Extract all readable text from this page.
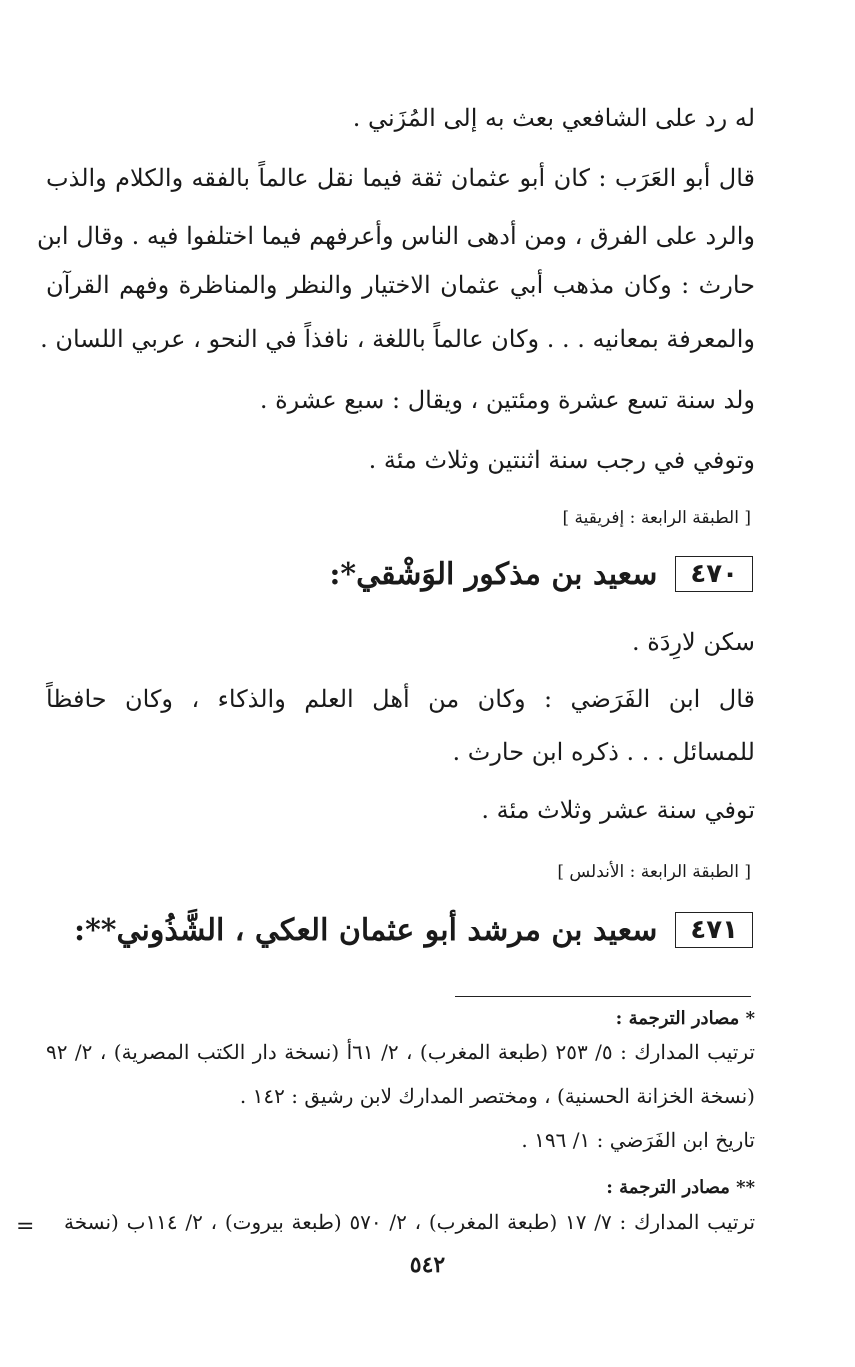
له رد على الشافعي بعث به إلى المُزَني .
قال أبو العَرَب : كان أبو عثمان ثقة فيما نقل عالماً بالفقه والكلام والذب
والرد على الفرق ، ومن أدهى الناس وأعرفهم فيما اختلفوا فيه . وقال ابن
حارث : وكان مذهب أبي عثمان الاختيار والنظر والمناظرة وفهم القرآن
والمعرفة بمعانيه . . . وكان عالماً باللغة ، نافذاً في النحو ، عربي اللسان .
ولد سنة تسع عشرة ومئتين ، ويقال : سبع عشرة .
وتوفي في رجب سنة اثنتين وثلاث مئة .
[ الطبقة الرابعة : إفريقية ]
٤٧٠
سعيد بن مذكور الوَشْقي*:
سكن لارِدَة .
قال ابن الفَرَضي : وكان من أهل العلم والذكاء ، وكان حافظاً
للمسائل . . . ذكره ابن حارث .
توفي سنة عشر وثلاث مئة .
[ الطبقة الرابعة : الأندلس ]
٤٧١
سعيد بن مرشد أبو عثمان العكي ، الشَّذُوني**:
* مصادر الترجمة :
ترتيب المدارك : ٥/ ٢٥٣ (طبعة المغرب) ، ٢/ ٦١أ (نسخة دار الكتب المصرية) ، ٢/ ٩٢
(نسخة الخزانة الحسنية) ، ومختصر المدارك لابن رشيق : ١٤٢ .
تاريخ ابن الفَرَضي : ١/ ١٩٦ .
** مصادر الترجمة :
ترتيب المدارك : ٧/ ١٧ (طبعة المغرب) ، ٢/ ٥٧٠ (طبعة بيروت) ، ٢/ ١١٤ب (نسخة
=
٥٤٢
